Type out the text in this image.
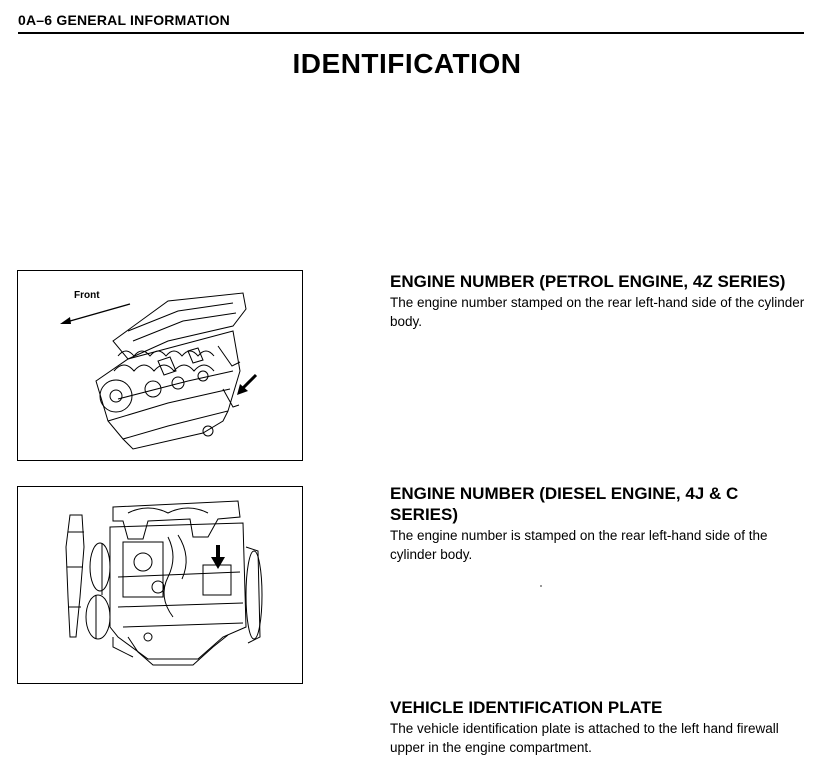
0A–6 GENERAL INFORMATION
IDENTIFICATION
Front
ENGINE NUMBER (PETROL ENGINE, 4Z SERIES)
The engine number stamped on the rear left-hand side of the cylinder body.
ENGINE NUMBER (DIESEL ENGINE, 4J & C SERIES)
The engine number is stamped on the rear left-hand side of the cylinder body.
VEHICLE IDENTIFICATION PLATE
The vehicle identification plate is attached to the left hand firewall upper in the engine compartment.
